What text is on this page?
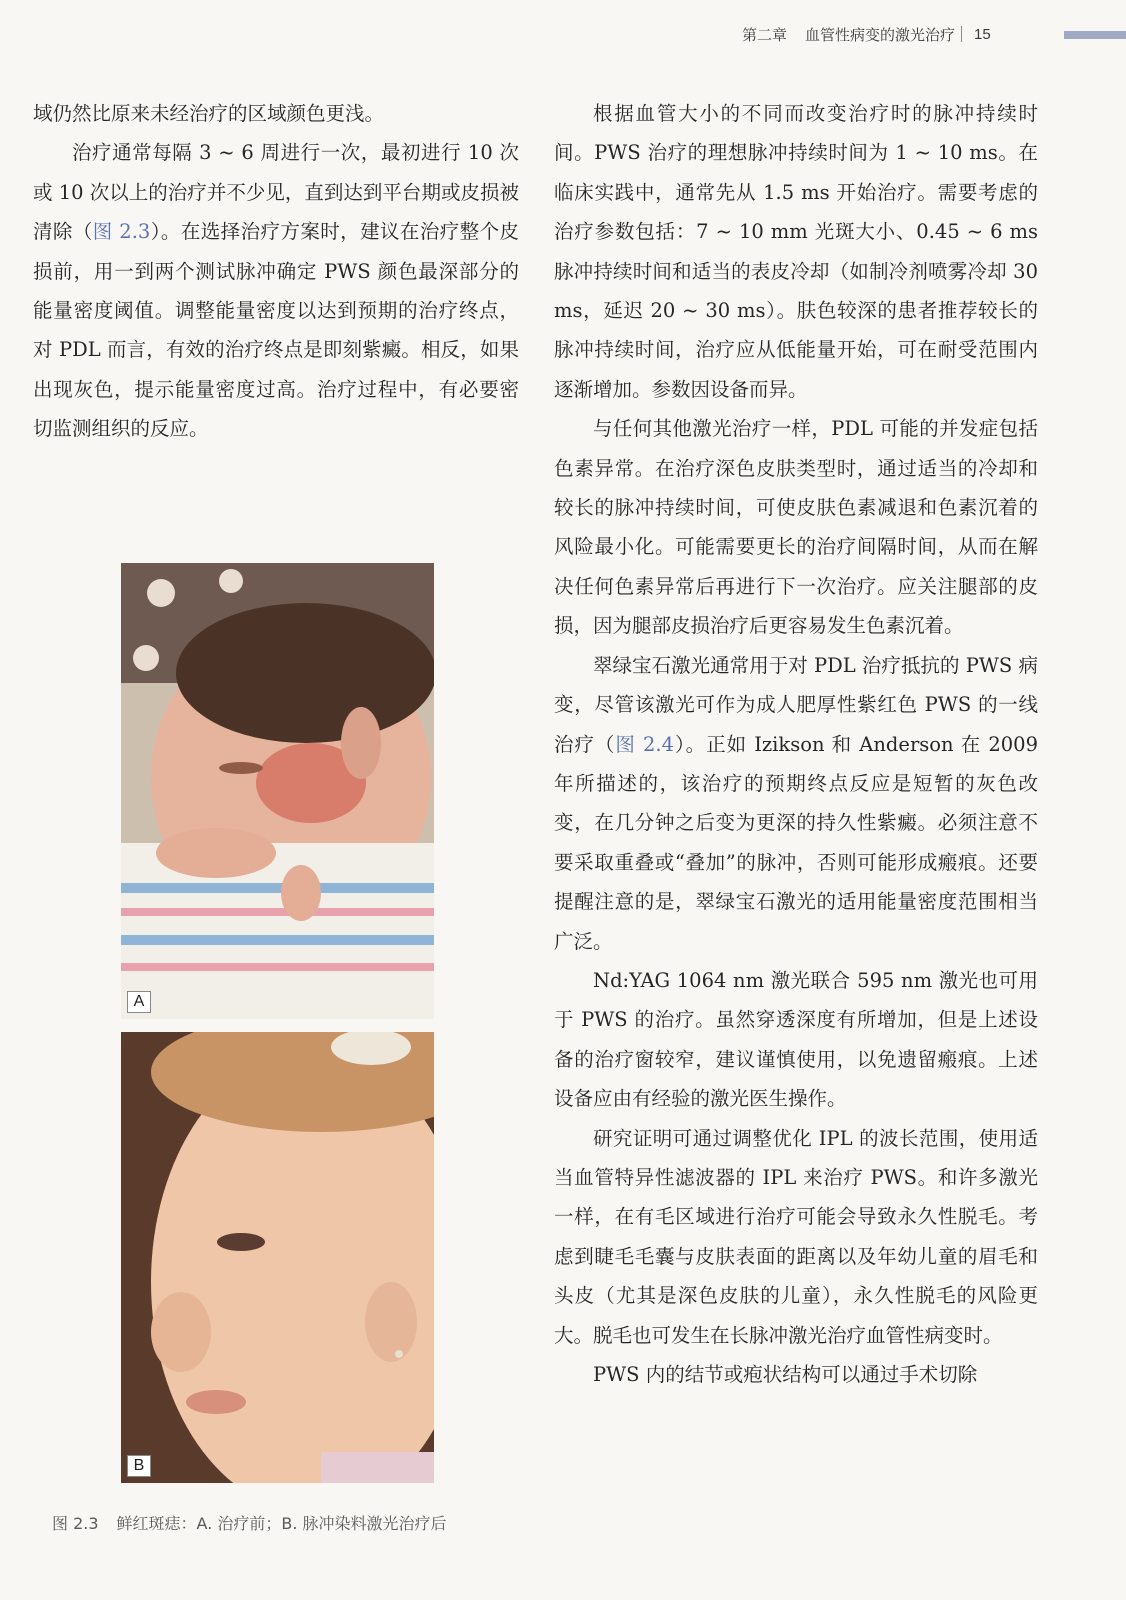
第二章 血管性病变的激光治疗 15

域仍然比原来未经治疗的区域颜色更浅。

治疗通常每隔 3 ~ 6 周进行一次，最初进行 10 次或 10 次以上的治疗并不少见，直到达到平台期或皮损被清除（图 2.3）。在选择治疗方案时，建议在治疗整个皮损前，用一到两个测试脉冲确定 PWS 颜色最深部分的能量密度阈值。调整能量密度以达到预期的治疗终点，对 PDL 而言，有效的治疗终点是即刻紫癜。相反，如果出现灰色，提示能量密度过高。治疗过程中，有必要密切监测组织的反应。

A
B
图 2.3 鲜红斑痣：A. 治疗前；B. 脉冲染料激光治疗后

根据血管大小的不同而改变治疗时的脉冲持续时间。PWS 治疗的理想脉冲持续时间为 1 ~ 10 ms。在临床实践中，通常先从 1.5 ms 开始治疗。需要考虑的治疗参数包括：7 ~ 10 mm 光斑大小、0.45 ~ 6 ms 脉冲持续时间和适当的表皮冷却（如制冷剂喷雾冷却 30 ms，延迟 20 ~ 30 ms）。肤色较深的患者推荐较长的脉冲持续时间，治疗应从低能量开始，可在耐受范围内逐渐增加。参数因设备而异。

与任何其他激光治疗一样，PDL 可能的并发症包括色素异常。在治疗深色皮肤类型时，通过适当的冷却和较长的脉冲持续时间，可使皮肤色素减退和色素沉着的风险最小化。可能需要更长的治疗间隔时间，从而在解决任何色素异常后再进行下一次治疗。应关注腿部的皮损，因为腿部皮损治疗后更容易发生色素沉着。

翠绿宝石激光通常用于对 PDL 治疗抵抗的 PWS 病变，尽管该激光可作为成人肥厚性紫红色 PWS 的一线治疗（图 2.4）。正如 Izikson 和 Anderson 在 2009 年所描述的，该治疗的预期终点反应是短暂的灰色改变，在几分钟之后变为更深的持久性紫癜。必须注意不要采取重叠或“叠加”的脉冲，否则可能形成瘢痕。还要提醒注意的是，翠绿宝石激光的适用能量密度范围相当广泛。

Nd:YAG 1064 nm 激光联合 595 nm 激光也可用于 PWS 的治疗。虽然穿透深度有所增加，但是上述设备的治疗窗较窄，建议谨慎使用，以免遗留瘢痕。上述设备应由有经验的激光医生操作。

研究证明可通过调整优化 IPL 的波长范围，使用适当血管特异性滤波器的 IPL 来治疗 PWS。和许多激光一样，在有毛区域进行治疗可能会导致永久性脱毛。考虑到睫毛毛囊与皮肤表面的距离以及年幼儿童的眉毛和头皮（尤其是深色皮肤的儿童），永久性脱毛的风险更大。脱毛也可发生在长脉冲激光治疗血管性病变时。

PWS 内的结节或疱状结构可以通过手术切除
